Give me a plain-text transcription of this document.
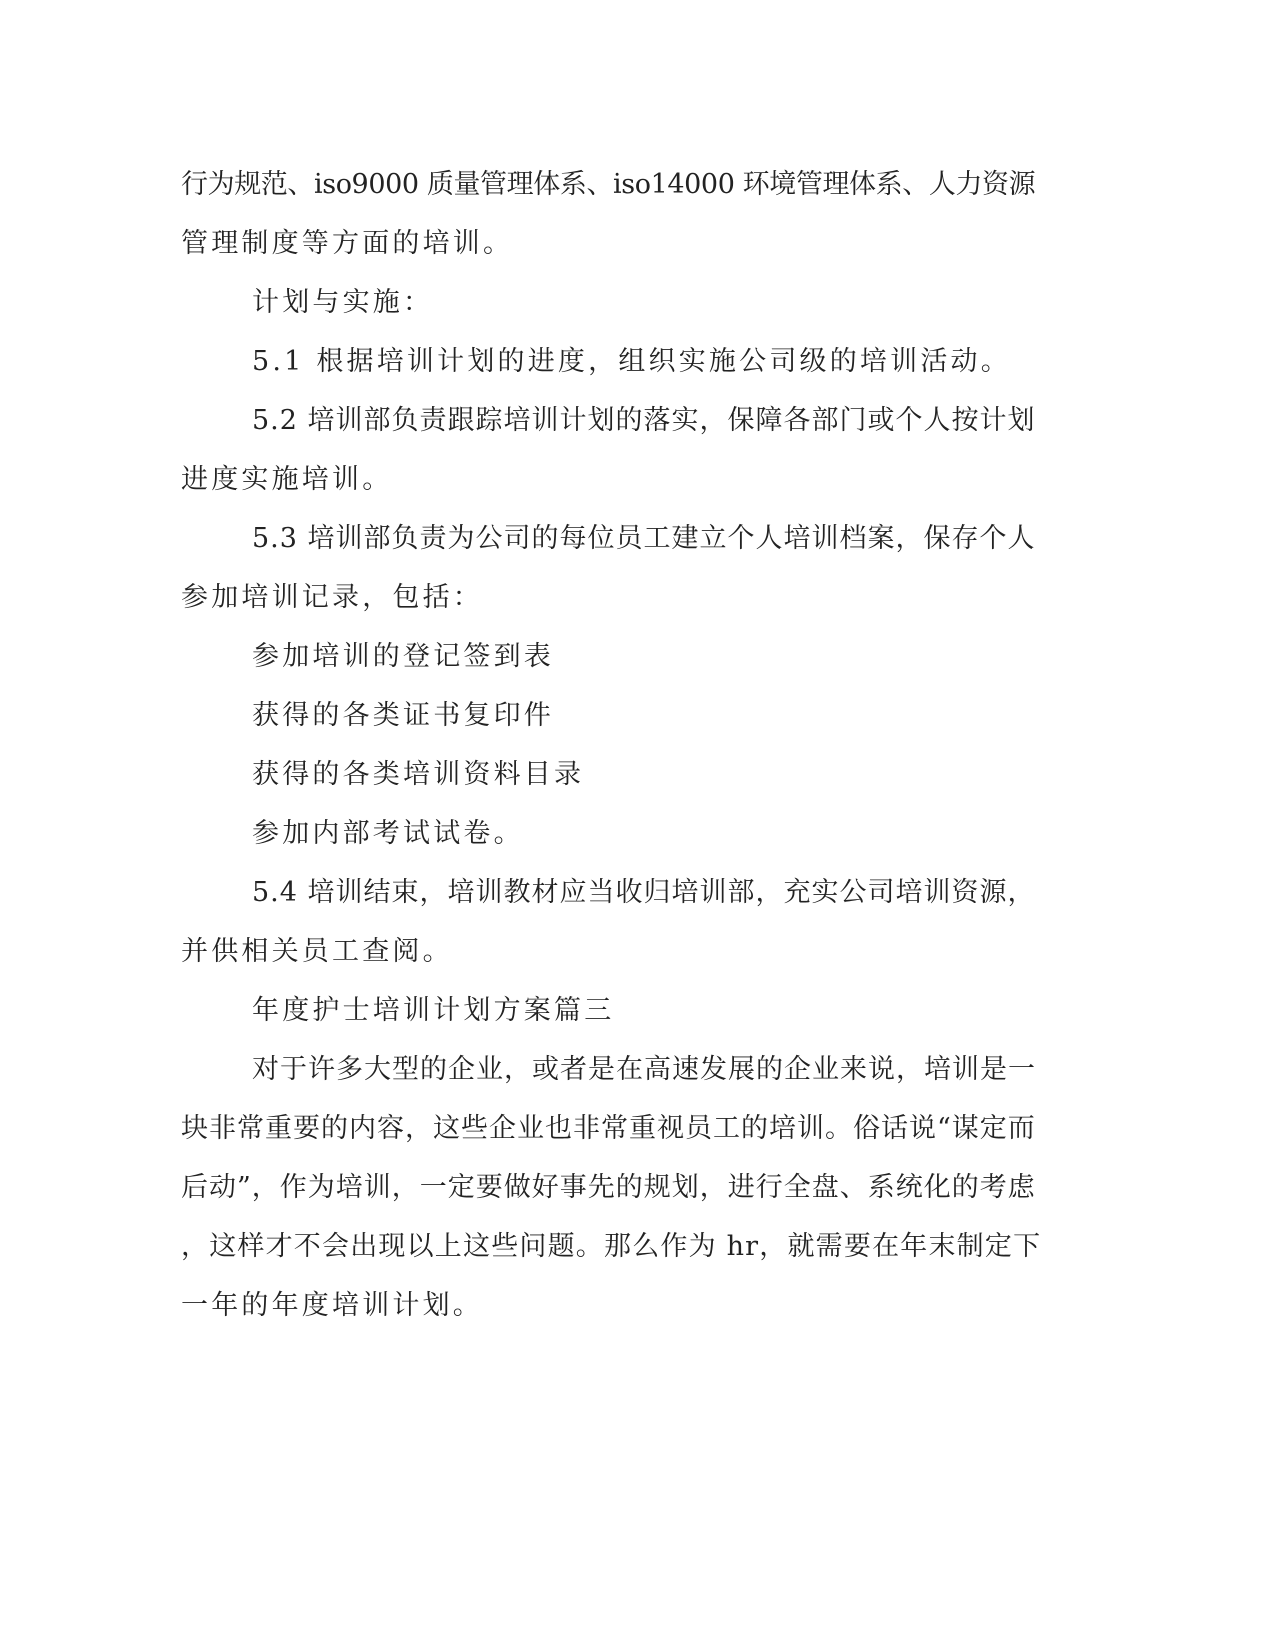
行为规范、iso9000 质量管理体系、iso14000 环境管理体系、人力资源
管理制度等方面的培训。
计划与实施：
5.1 根据培训计划的进度，组织实施公司级的培训活动。
5.2 培训部负责跟踪培训计划的落实，保障各部门或个人按计划
进度实施培训。
5.3 培训部负责为公司的每位员工建立个人培训档案，保存个人
参加培训记录，包括：
参加培训的登记签到表
获得的各类证书复印件
获得的各类培训资料目录
参加内部考试试卷。
5.4 培训结束，培训教材应当收归培训部，充实公司培训资源，
并供相关员工查阅。
年度护士培训计划方案篇三
对于许多大型的企业，或者是在高速发展的企业来说，培训是一
块非常重要的内容，这些企业也非常重视员工的培训。俗话说“谋定而
后动”，作为培训，一定要做好事先的规划，进行全盘、系统化的考虑
，这样才不会出现以上这些问题。那么作为 hr，就需要在年末制定下
一年的年度培训计划。
